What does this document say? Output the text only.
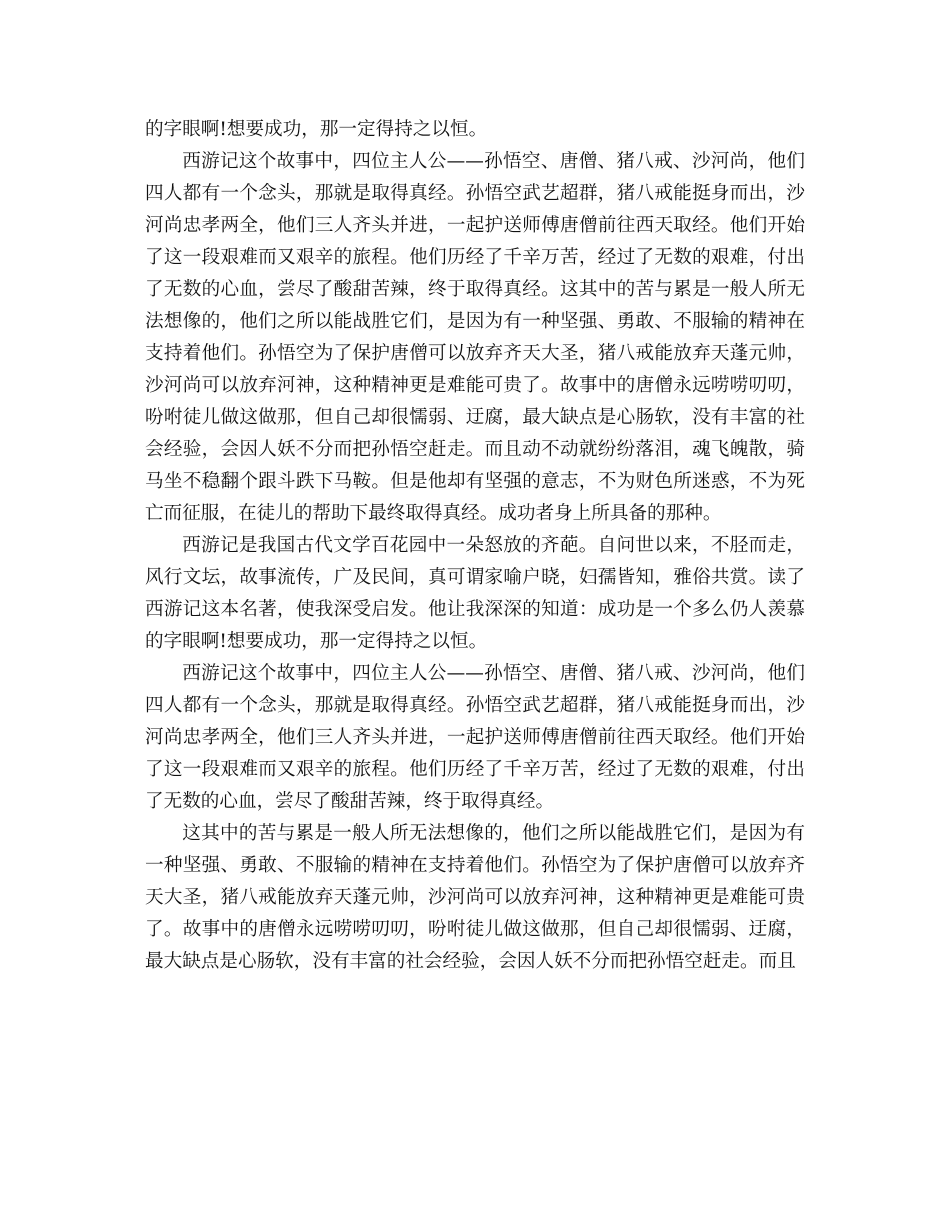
的字眼啊!想要成功，那一定得持之以恒。

西游记这个故事中，四位主人公——孙悟空、唐僧、猪八戒、沙河尚，他们四人都有一个念头，那就是取得真经。孙悟空武艺超群，猪八戒能挺身而出，沙河尚忠孝两全，他们三人齐头并进，一起护送师傅唐僧前往西天取经。他们开始了这一段艰难而又艰辛的旅程。他们历经了千辛万苦，经过了无数的艰难，付出了无数的心血，尝尽了酸甜苦辣，终于取得真经。这其中的苦与累是一般人所无法想像的，他们之所以能战胜它们，是因为有一种坚强、勇敢、不服输的精神在支持着他们。孙悟空为了保护唐僧可以放弃齐天大圣，猪八戒能放弃天蓬元帅，沙河尚可以放弃河神，这种精神更是难能可贵了。故事中的唐僧永远唠唠叨叨，吩咐徒儿做这做那，但自己却很懦弱、迂腐，最大缺点是心肠软，没有丰富的社会经验，会因人妖不分而把孙悟空赶走。而且动不动就纷纷落泪，魂飞魄散，骑马坐不稳翻个跟斗跌下马鞍。但是他却有坚强的意志，不为财色所迷惑，不为死亡而征服，在徒儿的帮助下最终取得真经。成功者身上所具备的那种。

西游记是我国古代文学百花园中一朵怒放的齐葩。自问世以来，不胫而走，风行文坛，故事流传，广及民间，真可谓家喻户晓，妇孺皆知，雅俗共赏。读了西游记这本名著，使我深受启发。他让我深深的知道：成功是一个多么仍人羡慕的字眼啊!想要成功，那一定得持之以恒。

西游记这个故事中，四位主人公——孙悟空、唐僧、猪八戒、沙河尚，他们四人都有一个念头，那就是取得真经。孙悟空武艺超群，猪八戒能挺身而出，沙河尚忠孝两全，他们三人齐头并进，一起护送师傅唐僧前往西天取经。他们开始了这一段艰难而又艰辛的旅程。他们历经了千辛万苦，经过了无数的艰难，付出了无数的心血，尝尽了酸甜苦辣，终于取得真经。

这其中的苦与累是一般人所无法想像的，他们之所以能战胜它们，是因为有一种坚强、勇敢、不服输的精神在支持着他们。孙悟空为了保护唐僧可以放弃齐天大圣，猪八戒能放弃天蓬元帅，沙河尚可以放弃河神，这种精神更是难能可贵了。故事中的唐僧永远唠唠叨叨，吩咐徒儿做这做那，但自己却很懦弱、迂腐，最大缺点是心肠软，没有丰富的社会经验，会因人妖不分而把孙悟空赶走。而且
